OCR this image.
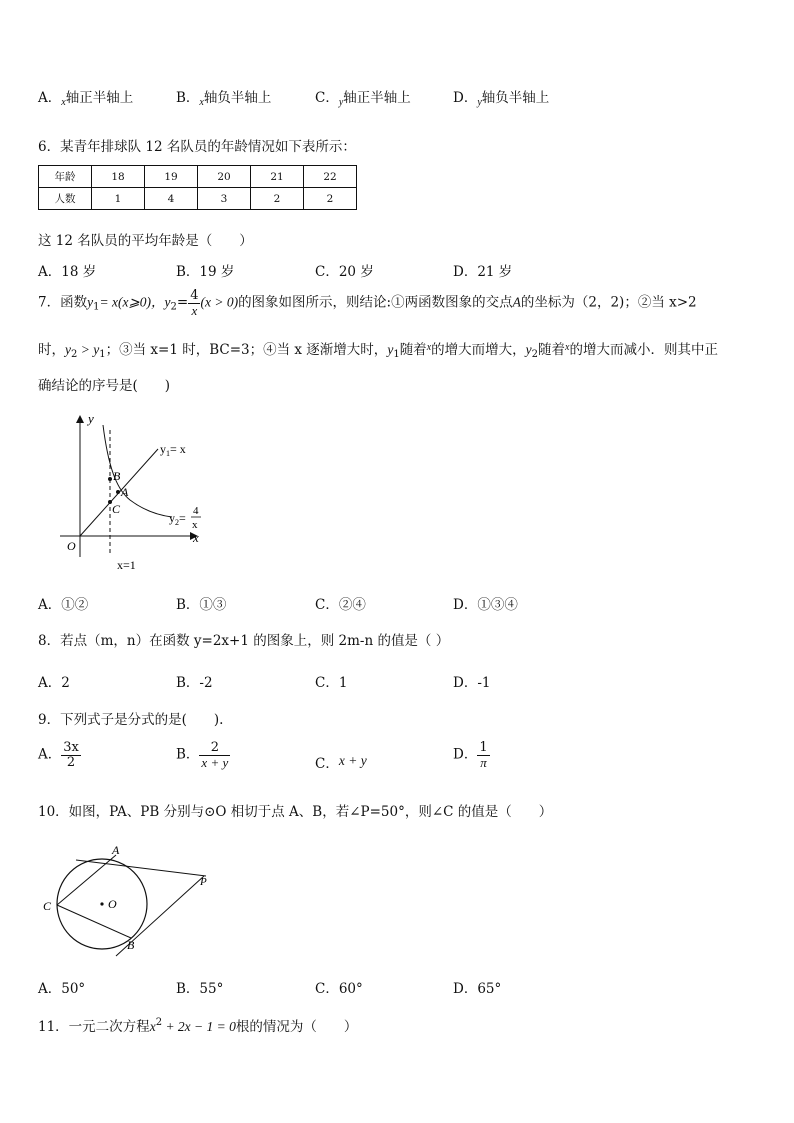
A．$_x$轴正半轴上	B．$_x$轴负半轴上	C．$_y$轴正半轴上	D．$_y$轴负半轴上
6．某青年排球队 12 名队员的年龄情况如下表所示：
年龄	18	19	20	21	22
人数	1	4	3	2	2
这 12 名队员的平均年龄是（　　）
A．18 岁	B．19 岁	C．20 岁	D．21 岁
7．函数$y_1=$ x(x⩾0)，$y_2= \frac{4}{x} (x > 0)$的图象如图所示，则结论:①两函数图象的交点A的坐标为（2，2)；②当 x>2
时，$y_2 > y_1$；③当 x=1 时，BC=3；④当 x 逐渐增大时，$y_1$随着$^x$的增大而增大，$y_2$随着$^x$的增大而减小．则其中正
确结论的序号是(　　)
y
x
O
B
A
C
$y_1= x$
$y_2= 4$
x
x=1
A．①②	B．①③	C．②④	D．①③④
8．若点（m，n）在函数 y=2x+1 的图象上，则 2m-n 的值是（ ）
A．2	B．-2	C．1	D．-1
9．下列式子是分式的是(　　).
A． $\frac{3x}{2}$	B． $\frac{2}{x + y}$	C．x + y	D． $\frac{1}{\pi}$
10．如图，PA、PB 分别与⊙O 相切于点 A、B，若∠P=50°，则∠C 的值是（　　）
A
B
C
P
O
A．50°	B．55°	C．60°	D．65°
11．一元二次方程$x^2 + 2x - 1 = 0$根的情况为（　　）
